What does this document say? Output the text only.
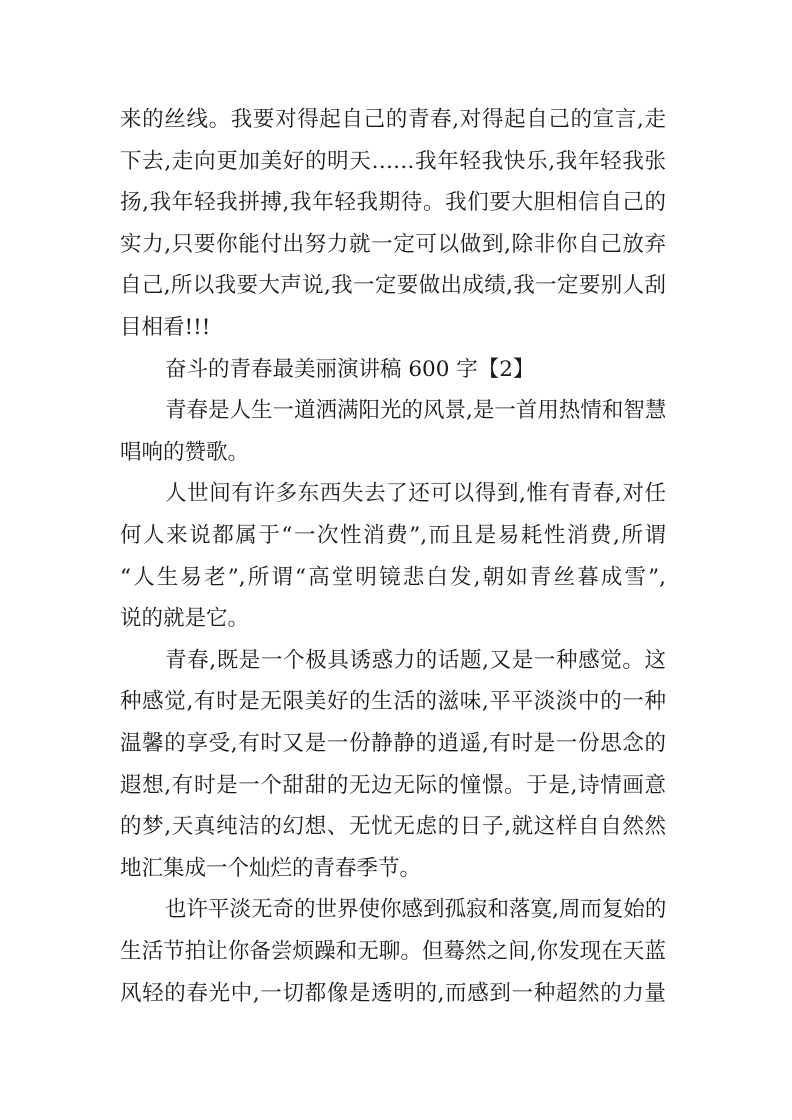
来的丝线。我要对得起自己的青春,对得起自己的宣言,走
下去,走向更加美好的明天……我年轻我快乐,我年轻我张
扬,我年轻我拼搏,我年轻我期待。我们要大胆相信自己的
实力,只要你能付出努力就一定可以做到,除非你自己放弃
自己,所以我要大声说,我一定要做出成绩,我一定要别人刮
目相看!!!
奋斗的青春最美丽演讲稿 600 字【2】
青春是人生一道洒满阳光的风景,是一首用热情和智慧
唱响的赞歌。
人世间有许多东西失去了还可以得到,惟有青春,对任
何人来说都属于“一次性消费”,而且是易耗性消费,所谓
“人生易老”,所谓“高堂明镜悲白发,朝如青丝暮成雪”,
说的就是它。
青春,既是一个极具诱惑力的话题,又是一种感觉。这
种感觉,有时是无限美好的生活的滋味,平平淡淡中的一种
温馨的享受,有时又是一份静静的逍遥,有时是一份思念的
遐想,有时是一个甜甜的无边无际的憧憬。于是,诗情画意
的梦,天真纯洁的幻想、无忧无虑的日子,就这样自自然然
地汇集成一个灿烂的青春季节。
也许平淡无奇的世界使你感到孤寂和落寞,周而复始的
生活节拍让你备尝烦躁和无聊。但蓦然之间,你发现在天蓝
风轻的春光中,一切都像是透明的,而感到一种超然的力量
